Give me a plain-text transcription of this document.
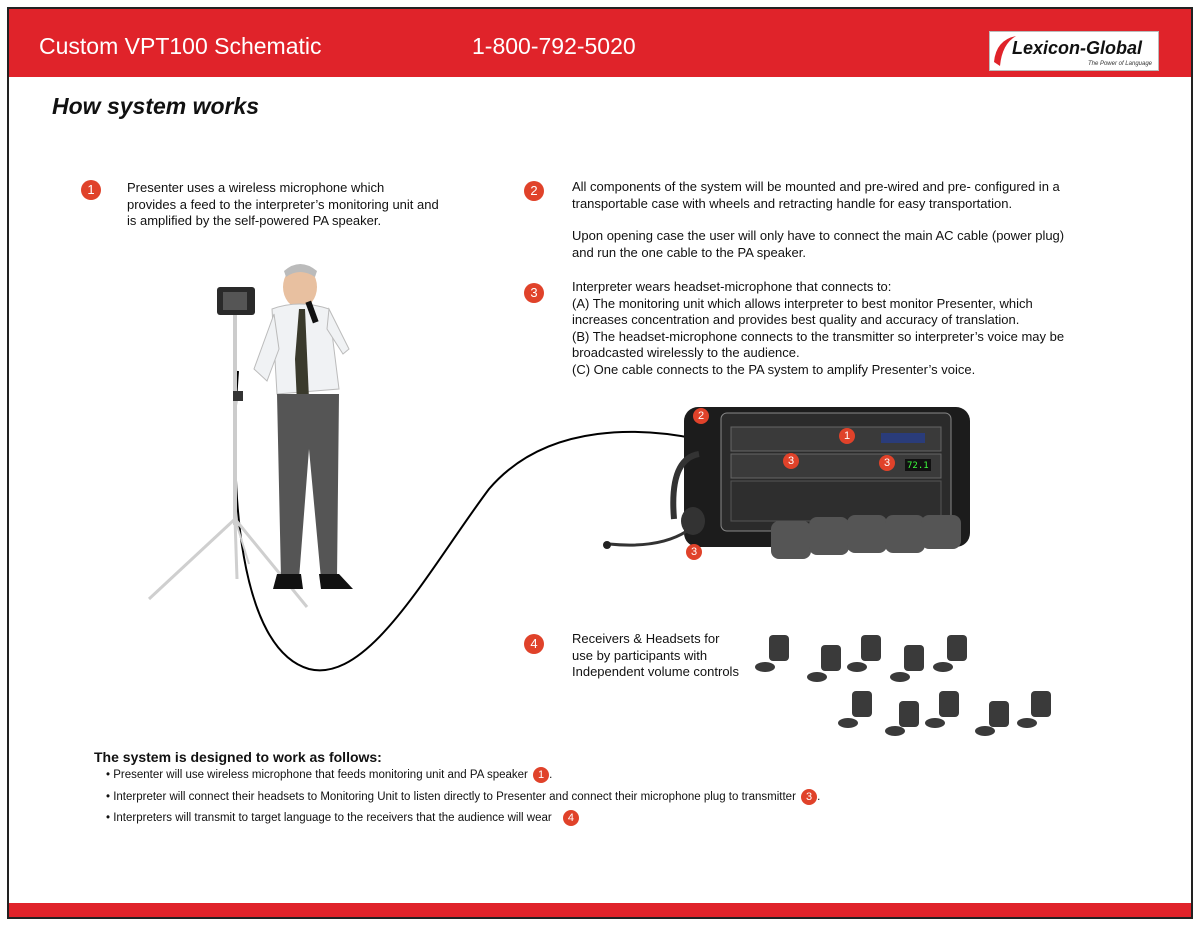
Custom VPT100 Schematic	1-800-792-5020	Lexicon-Global
The Power of Language
How system works
72.1
1	Presenter uses a wireless microphone which
provides a feed to the interpreter’s monitoring unit and
is amplified by the self-powered PA speaker.
2	All components of the system will be mounted and pre-wired and pre- configured in a
transportable case with wheels and retracting handle for easy transportation.
Upon opening case the user will only have to connect the main AC cable (power plug)
and run the one cable to the PA speaker.
3	Interpreter wears headset-microphone that connects to:
(A) The monitoring unit which allows interpreter to best monitor Presenter, which
increases concentration and provides best quality and accuracy of translation.
(B) The headset-microphone connects to the transmitter so interpreter’s voice may be
broadcasted wirelessly to the audience.
(C) One cable connects to the PA system to amplify Presenter’s voice.
4	Receivers & Headsets for
use by participants with
Independent volume controls
2
1
3	3
3
The system is designed to work as follows:
• Presenter will use wireless microphone that feeds monitoring unit and PA speaker 1 .
• Interpreter will connect their headsets to Monitoring Unit to listen directly to Presenter and connect their microphone plug to transmitter 3 .
• Interpreters will transmit to target language to the receivers that the audience will wear 4
